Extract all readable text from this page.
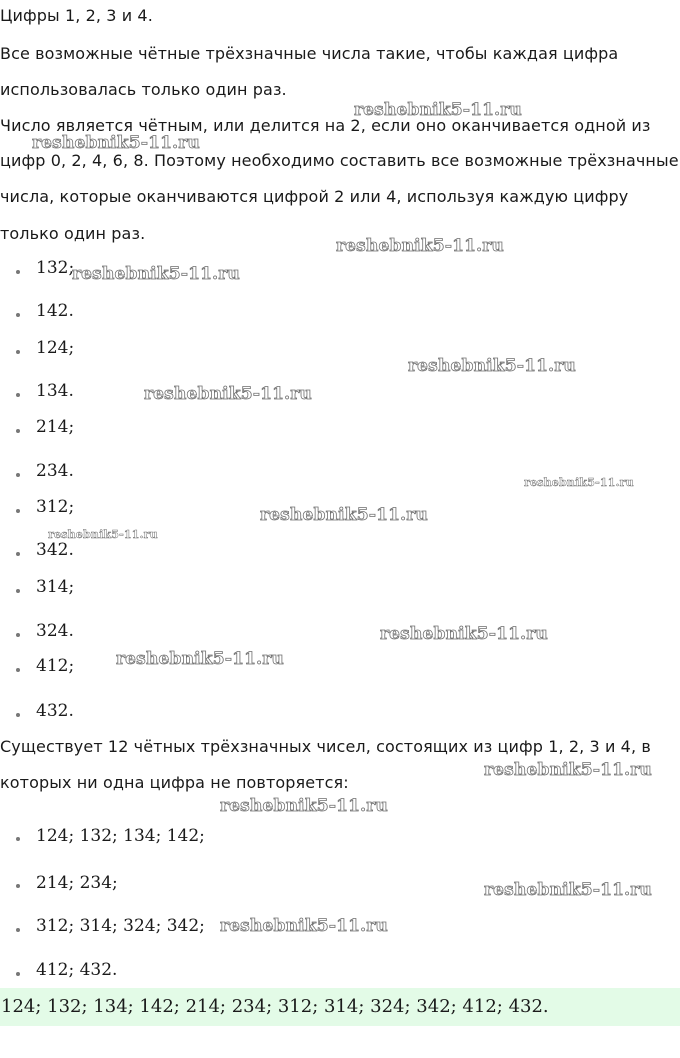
Цифры 1, 2, 3 и 4.
Все возможные чётные трёхзначные числа такие, чтобы каждая цифра
использовалась только один раз.
Число является чётным, или делится на 2, если оно оканчивается одной из
цифр 0, 2, 4, 6, 8. Поэтому необходимо составить все возможные трёхзначные
числа, которые оканчиваются цифрой 2 или 4, используя каждую цифру
только один раз.
132;
142.
124;
134.
214;
234.
312;
342.
314;
324.
412;
432.
Существует 12 чётных трёхзначных чисел, состоящих из цифр 1, 2, 3 и 4, в
которых ни одна цифра не повторяется:
124; 132; 134; 142;
214; 234;
312; 314; 324; 342;
412; 432.
124; 132; 134; 142; 214; 234; 312; 314; 324; 342; 412; 432.
reshebnik5-11.ru
reshebnik5-11.ru
reshebnik5-11.ru
reshebnik5-11.ru
reshebnik5-11.ru
reshebnik5-11.ru
reshebnik5-11.ru
reshebnik5-11.ru
reshebnik5-11.ru
reshebnik5-11.ru
reshebnik5-11.ru
reshebnik5-11.ru
reshebnik5-11.ru
reshebnik5-11.ru
reshebnik5-11.ru
